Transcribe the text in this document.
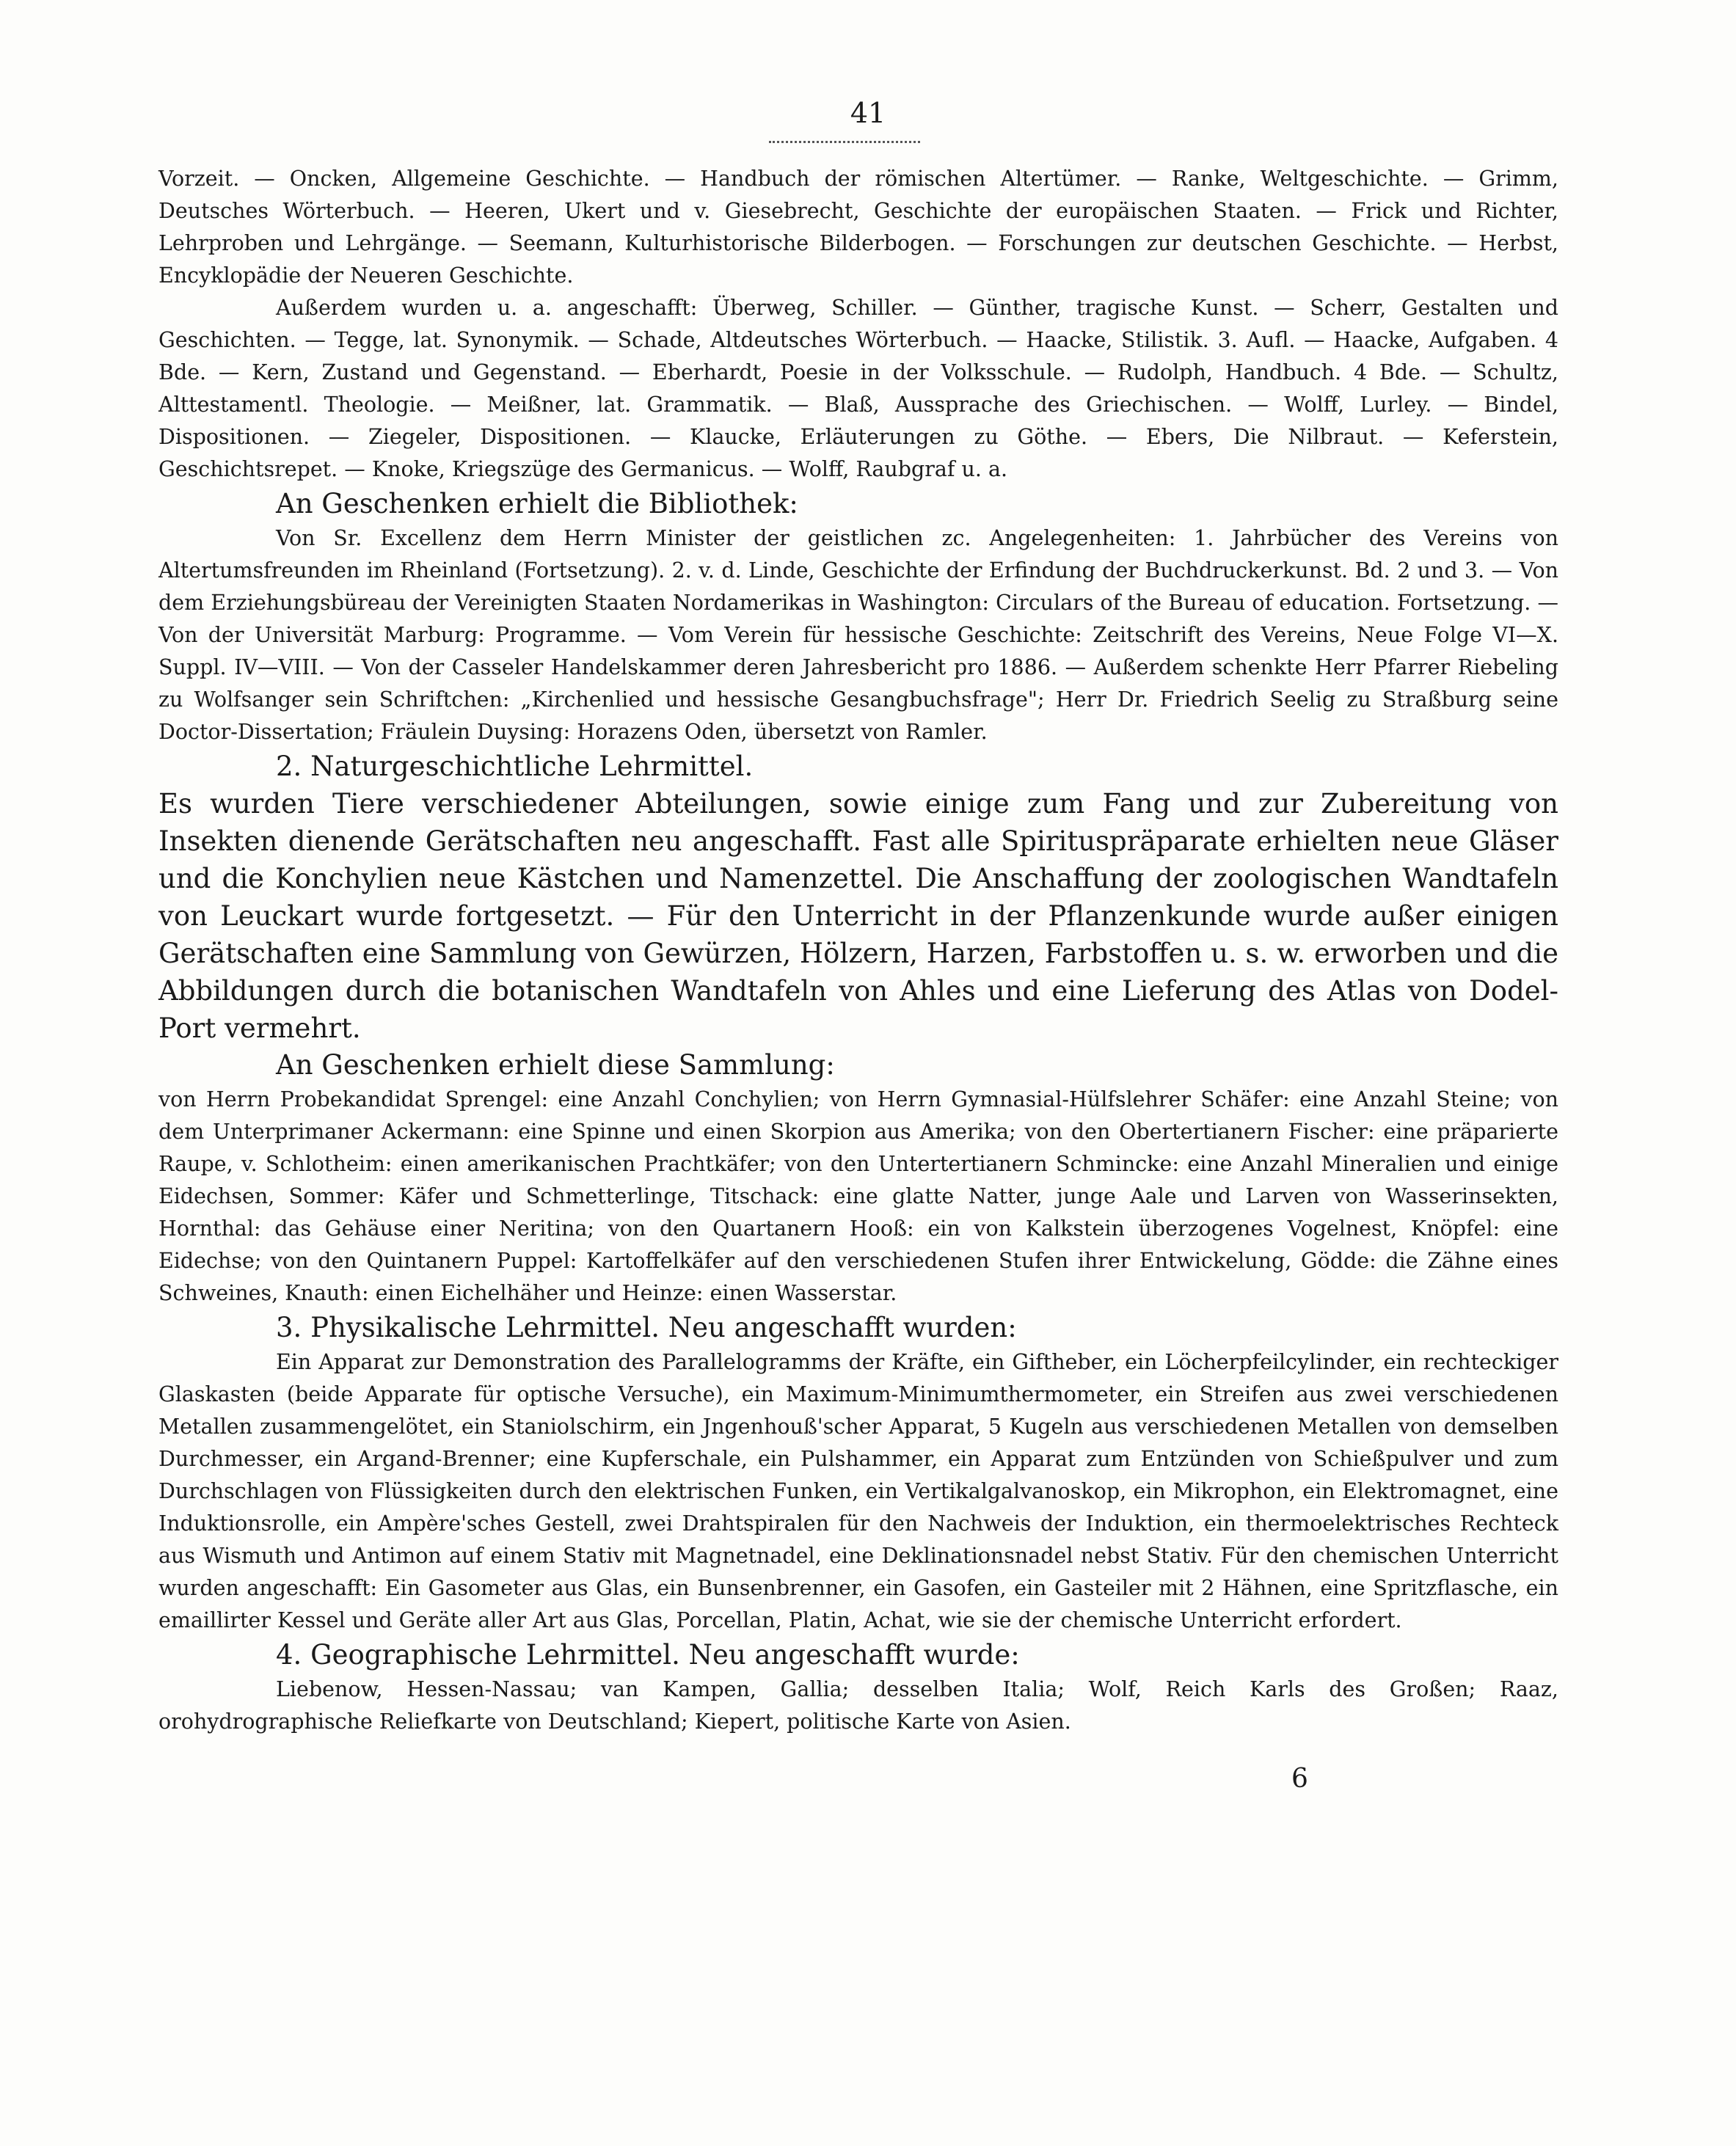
41

Vorzeit. — Oncken, Allgemeine Geschichte. — Handbuch der römischen Altertümer. — Ranke, Weltgeschichte. — Grimm, Deutsches Wörterbuch. — Heeren, Ukert und v. Giesebrecht, Geschichte der europäischen Staaten. — Frick und Richter, Lehrproben und Lehrgänge. — Seemann, Kulturhistorische Bilderbogen. — Forschungen zur deutschen Geschichte. — Herbst, Encyklopädie der Neueren Geschichte.

Außerdem wurden u. a. angeschafft: Überweg, Schiller. — Günther, tragische Kunst. — Scherr, Gestalten und Geschichten. — Tegge, lat. Synonymik. — Schade, Altdeutsches Wörterbuch. — Haacke, Stilistik. 3. Aufl. — Haacke, Aufgaben. 4 Bde. — Kern, Zustand und Gegenstand. — Eberhardt, Poesie in der Volksschule. — Rudolph, Handbuch. 4 Bde. — Schultz, Alttestamentl. Theologie. — Meißner, lat. Grammatik. — Blaß, Aussprache des Griechischen. — Wolff, Lurley. — Bindel, Dispositionen. — Ziegeler, Dispositionen. — Klaucke, Erläuterungen zu Göthe. — Ebers, Die Nilbraut. — Keferstein, Geschichtsrepet. — Knoke, Kriegszüge des Germanicus. — Wolff, Raubgraf u. a.

An Geschenken erhielt die Bibliothek:

Von Sr. Excellenz dem Herrn Minister der geistlichen zc. Angelegenheiten: 1. Jahrbücher des Vereins von Altertumsfreunden im Rheinland (Fortsetzung). 2. v. d. Linde, Geschichte der Erfindung der Buchdruckerkunst. Bd. 2 und 3. — Von dem Erziehungsbüreau der Vereinigten Staaten Nordamerikas in Washington: Circulars of the Bureau of education. Fortsetzung. — Von der Universität Marburg: Programme. — Vom Verein für hessische Geschichte: Zeitschrift des Vereins, Neue Folge VI—X. Suppl. IV—VIII. — Von der Casseler Handelskammer deren Jahresbericht pro 1886. — Außerdem schenkte Herr Pfarrer Riebeling zu Wolfsanger sein Schriftchen: „Kirchenlied und hessische Gesangbuchsfrage"; Herr Dr. Friedrich Seelig zu Straßburg seine Doctor-Dissertation; Fräulein Duysing: Horazens Oden, übersetzt von Ramler.

2. Naturgeschichtliche Lehrmittel.

Es wurden Tiere verschiedener Abteilungen, sowie einige zum Fang und zur Zubereitung von Insekten dienende Gerätschaften neu angeschafft. Fast alle Spirituspräparate erhielten neue Gläser und die Konchylien neue Kästchen und Namenzettel. Die Anschaffung der zoologischen Wandtafeln von Leuckart wurde fortgesetzt. — Für den Unterricht in der Pflanzenkunde wurde außer einigen Gerätschaften eine Sammlung von Gewürzen, Hölzern, Harzen, Farbstoffen u. s. w. erworben und die Abbildungen durch die botanischen Wandtafeln von Ahles und eine Lieferung des Atlas von Dodel-Port vermehrt.

An Geschenken erhielt diese Sammlung:

von Herrn Probekandidat Sprengel: eine Anzahl Conchylien; von Herrn Gymnasial-Hülfslehrer Schäfer: eine Anzahl Steine; von dem Unterprimaner Ackermann: eine Spinne und einen Skorpion aus Amerika; von den Obertertianern Fischer: eine präparierte Raupe, v. Schlotheim: einen amerikanischen Prachtkäfer; von den Untertertianern Schmincke: eine Anzahl Mineralien und einige Eidechsen, Sommer: Käfer und Schmetterlinge, Titschack: eine glatte Natter, junge Aale und Larven von Wasserinsekten, Hornthal: das Gehäuse einer Neritina; von den Quartanern Hooß: ein von Kalkstein überzogenes Vogelnest, Knöpfel: eine Eidechse; von den Quintanern Puppel: Kartoffelkäfer auf den verschiedenen Stufen ihrer Entwickelung, Gödde: die Zähne eines Schweines, Knauth: einen Eichelhäher und Heinze: einen Wasserstar.

3. Physikalische Lehrmittel. Neu angeschafft wurden:

Ein Apparat zur Demonstration des Parallelogramms der Kräfte, ein Giftheber, ein Löcherpfeilcylinder, ein rechteckiger Glaskasten (beide Apparate für optische Versuche), ein Maximum-Minimumthermometer, ein Streifen aus zwei verschiedenen Metallen zusammengelötet, ein Staniolschirm, ein Jngenhouß'scher Apparat, 5 Kugeln aus verschiedenen Metallen von demselben Durchmesser, ein Argand-Brenner; eine Kupferschale, ein Pulshammer, ein Apparat zum Entzünden von Schießpulver und zum Durchschlagen von Flüssigkeiten durch den elektrischen Funken, ein Vertikalgalvanoskop, ein Mikrophon, ein Elektromagnet, eine Induktionsrolle, ein Ampère'sches Gestell, zwei Drahtspiralen für den Nachweis der Induktion, ein thermoelektrisches Rechteck aus Wismuth und Antimon auf einem Stativ mit Magnetnadel, eine Deklinationsnadel nebst Stativ. Für den chemischen Unterricht wurden angeschafft: Ein Gasometer aus Glas, ein Bunsenbrenner, ein Gasofen, ein Gasteiler mit 2 Hähnen, eine Spritzflasche, ein emaillirter Kessel und Geräte aller Art aus Glas, Porcellan, Platin, Achat, wie sie der chemische Unterricht erfordert.

4. Geographische Lehrmittel. Neu angeschafft wurde:

Liebenow, Hessen-Nassau; van Kampen, Gallia; desselben Italia; Wolf, Reich Karls des Großen; Raaz, orohydrographische Reliefkarte von Deutschland; Kiepert, politische Karte von Asien.

6
